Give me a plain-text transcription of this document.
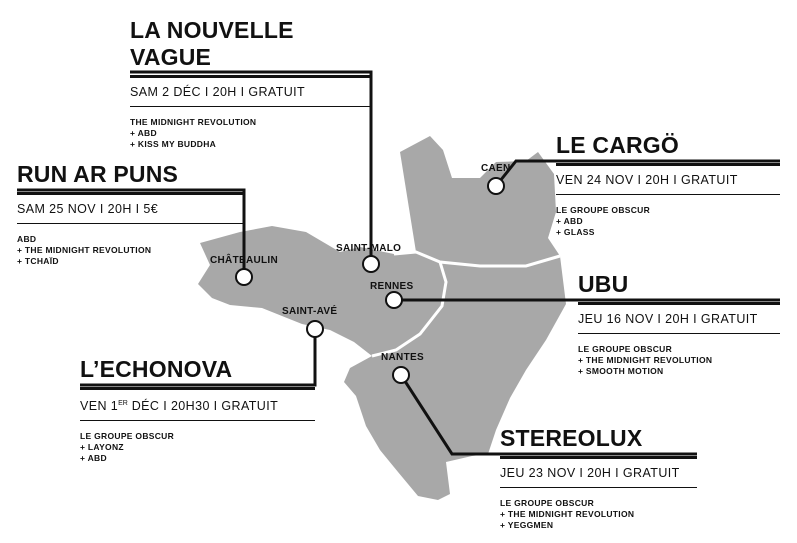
CAEN
SAINT-MALO
CHÂTEAULIN
RENNES
SAINT-AVÉ
NANTES
LA NOUVELLE
VAGUE
SAM 2 DÉC I 20H I GRATUIT
THE MIDNIGHT REVOLUTION
+ ABD
+ KISS MY BUDDHA
RUN AR PUNS
SAM 25 NOV I 20H I 5€
ABD
+ THE MIDNIGHT REVOLUTION
+ TCHAÏD
LE CARGÖ
VEN 24 NOV I 20H I GRATUIT
LE GROUPE OBSCUR
+ ABD
+ GLASS
UBU
JEU 16 NOV I 20H I GRATUIT
LE GROUPE OBSCUR
+ THE MIDNIGHT REVOLUTION
+ SMOOTH MOTION
L’ECHONOVA
VEN 1ER DÉC I 20H30 I GRATUIT
LE GROUPE OBSCUR
+ LAYONZ
+ ABD
STEREOLUX
JEU 23 NOV I 20H I GRATUIT
LE GROUPE OBSCUR
+ THE MIDNIGHT REVOLUTION
+ YEGGMEN
